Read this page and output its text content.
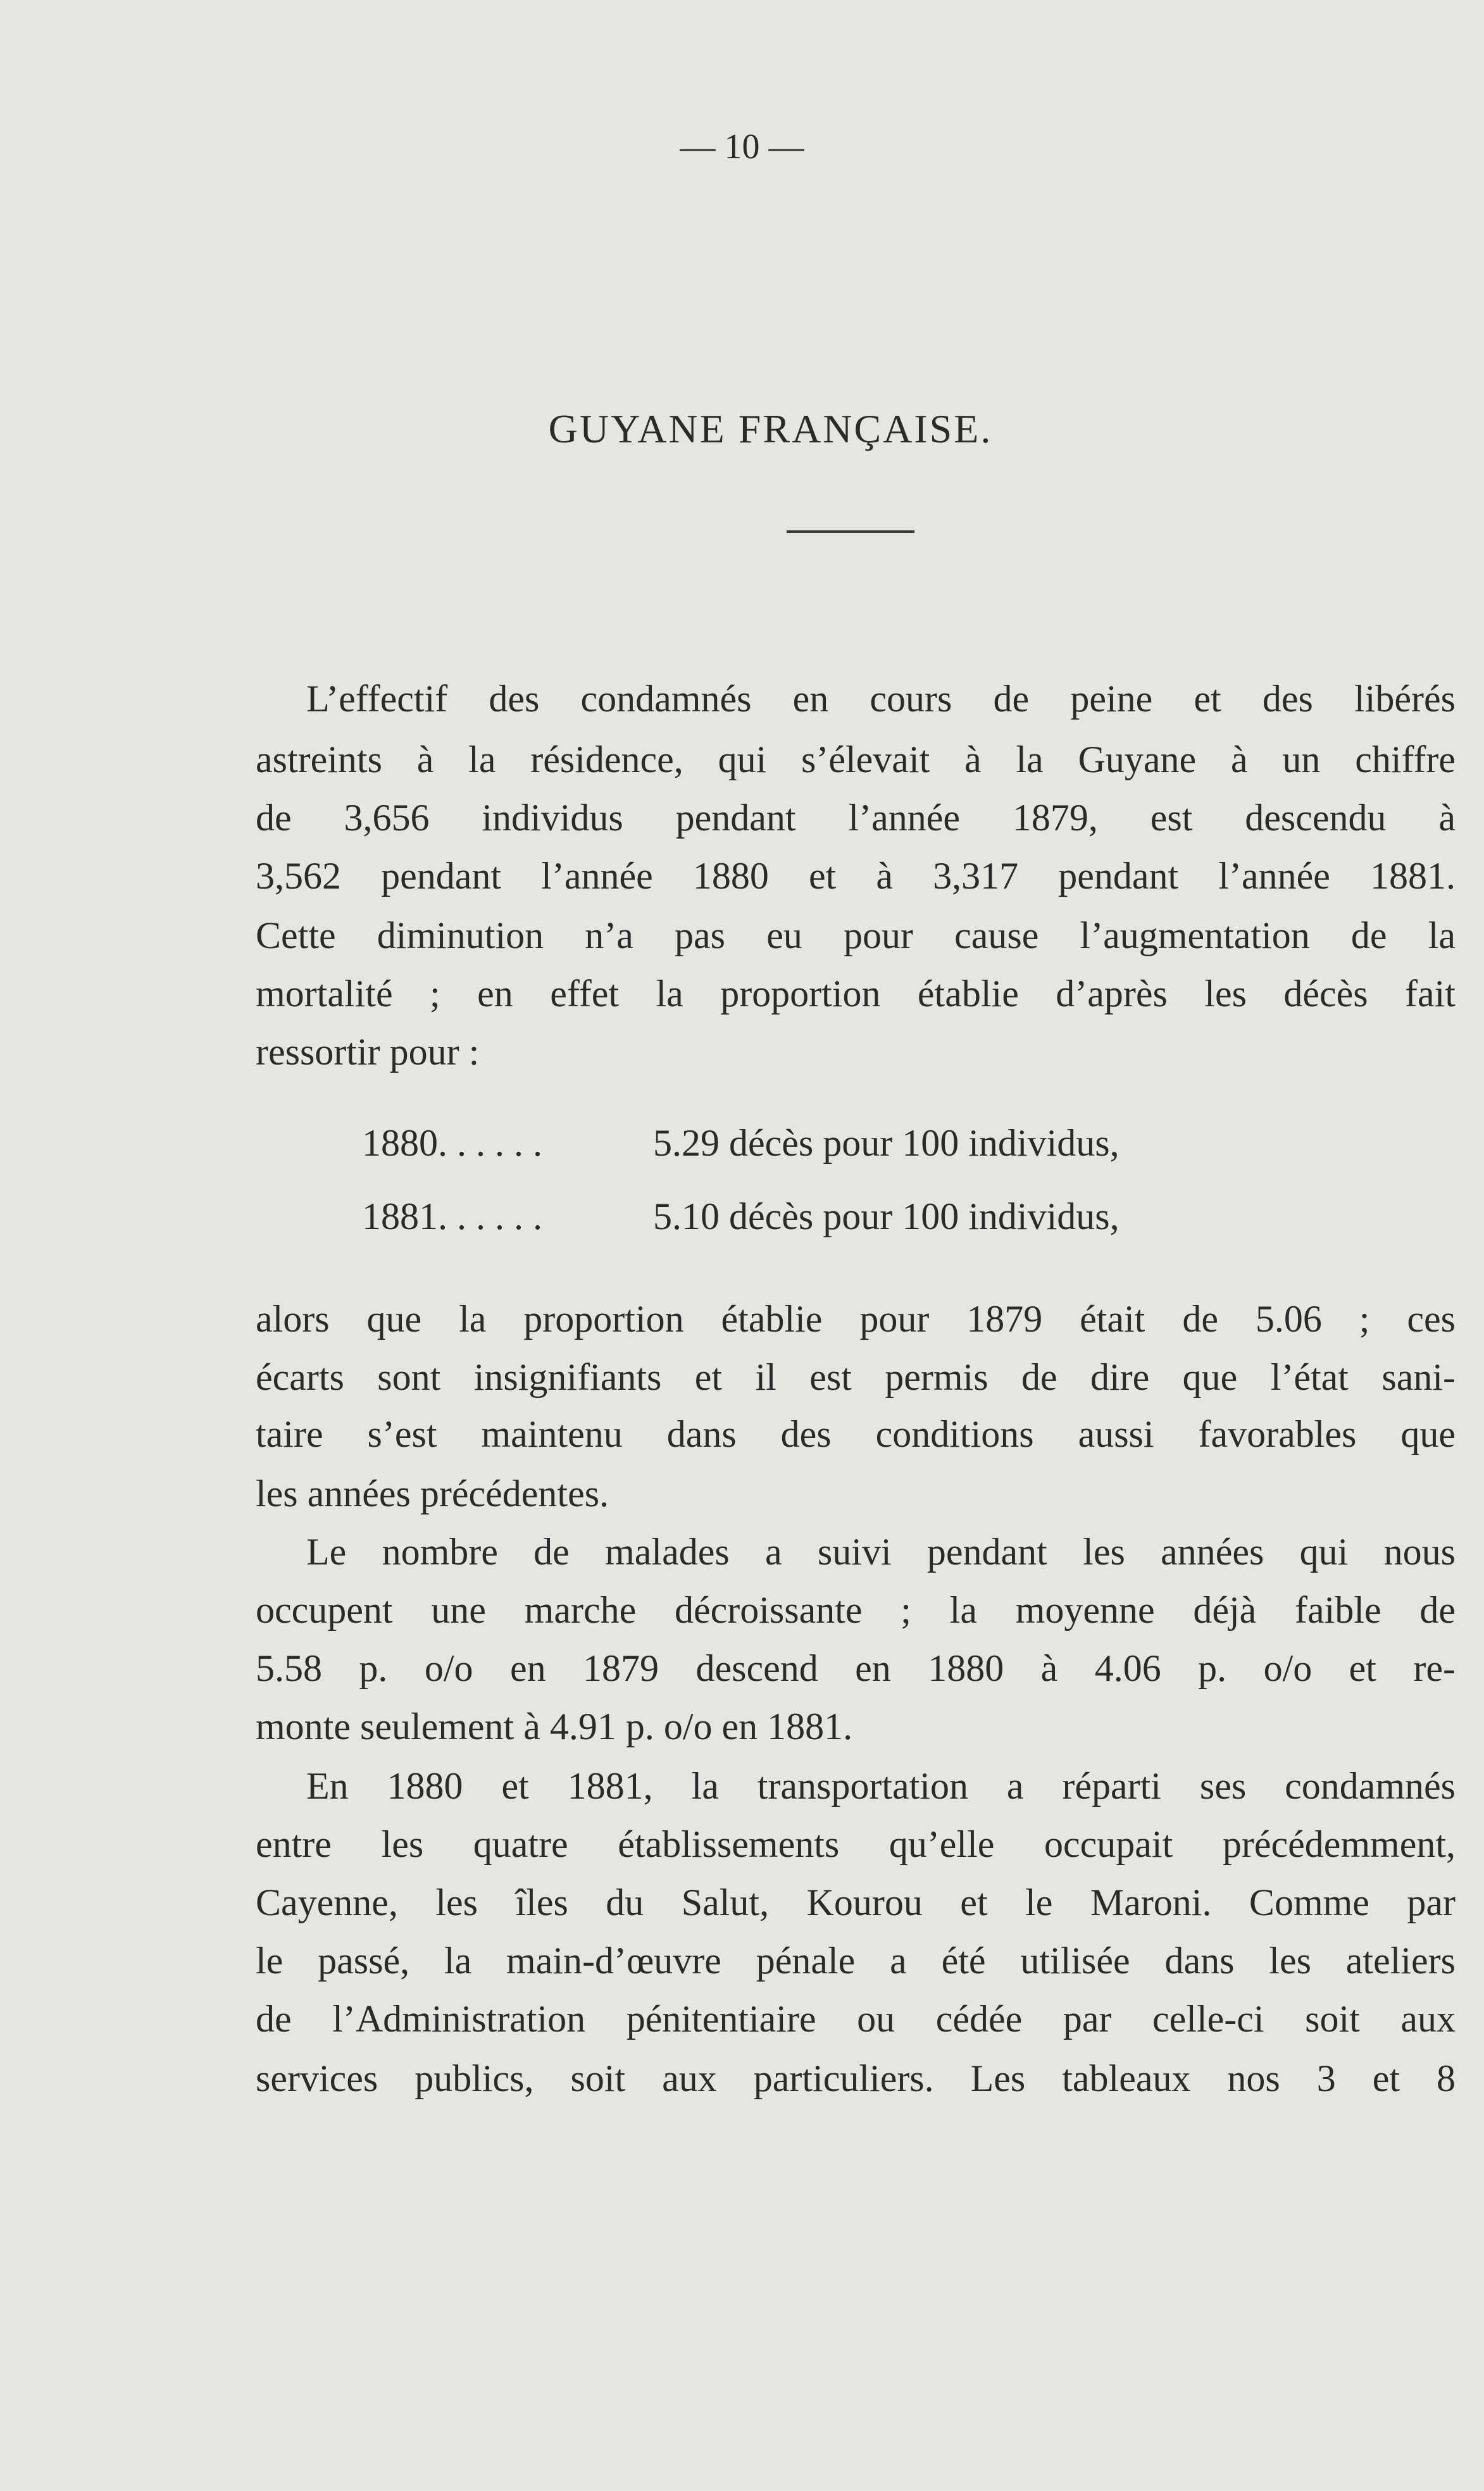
— 10 —
GUYANE FRANÇAISE.
L’effectif des condamnés en cours de peine et des libérés
astreints à la résidence, qui s’élevait à la Guyane à un chiffre
de 3,656 individus pendant l’année 1879, est descendu à
3,562 pendant l’année 1880 et à 3,317 pendant l’année 1881.
Cette diminution n’a pas eu pour cause l’augmentation de la
mortalité ; en effet la proportion établie d’après les décès fait
ressortir pour :
1880. . . . . .	5.29 décès pour 100 individus,
1881. . . . . .	5.10 décès pour 100 individus,
alors que la proportion établie pour 1879 était de 5.06 ; ces
écarts sont insignifiants et il est permis de dire que l’état sani-
taire s’est maintenu dans des conditions aussi favorables que
les années précédentes.
Le nombre de malades a suivi pendant les années qui nous
occupent une marche décroissante ; la moyenne déjà faible de
5.58 p. o/o en 1879 descend en 1880 à 4.06 p. o/o et re-
monte seulement à 4.91 p. o/o en 1881.
En 1880 et 1881, la transportation a réparti ses condamnés
entre les quatre établissements qu’elle occupait précédemment,
Cayenne, les îles du Salut, Kourou et le Maroni. Comme par
le passé, la main-d’œuvre pénale a été utilisée dans les ateliers
de l’Administration pénitentiaire ou cédée par celle-ci soit aux
services publics, soit aux particuliers. Les tableaux nos 3 et 8
